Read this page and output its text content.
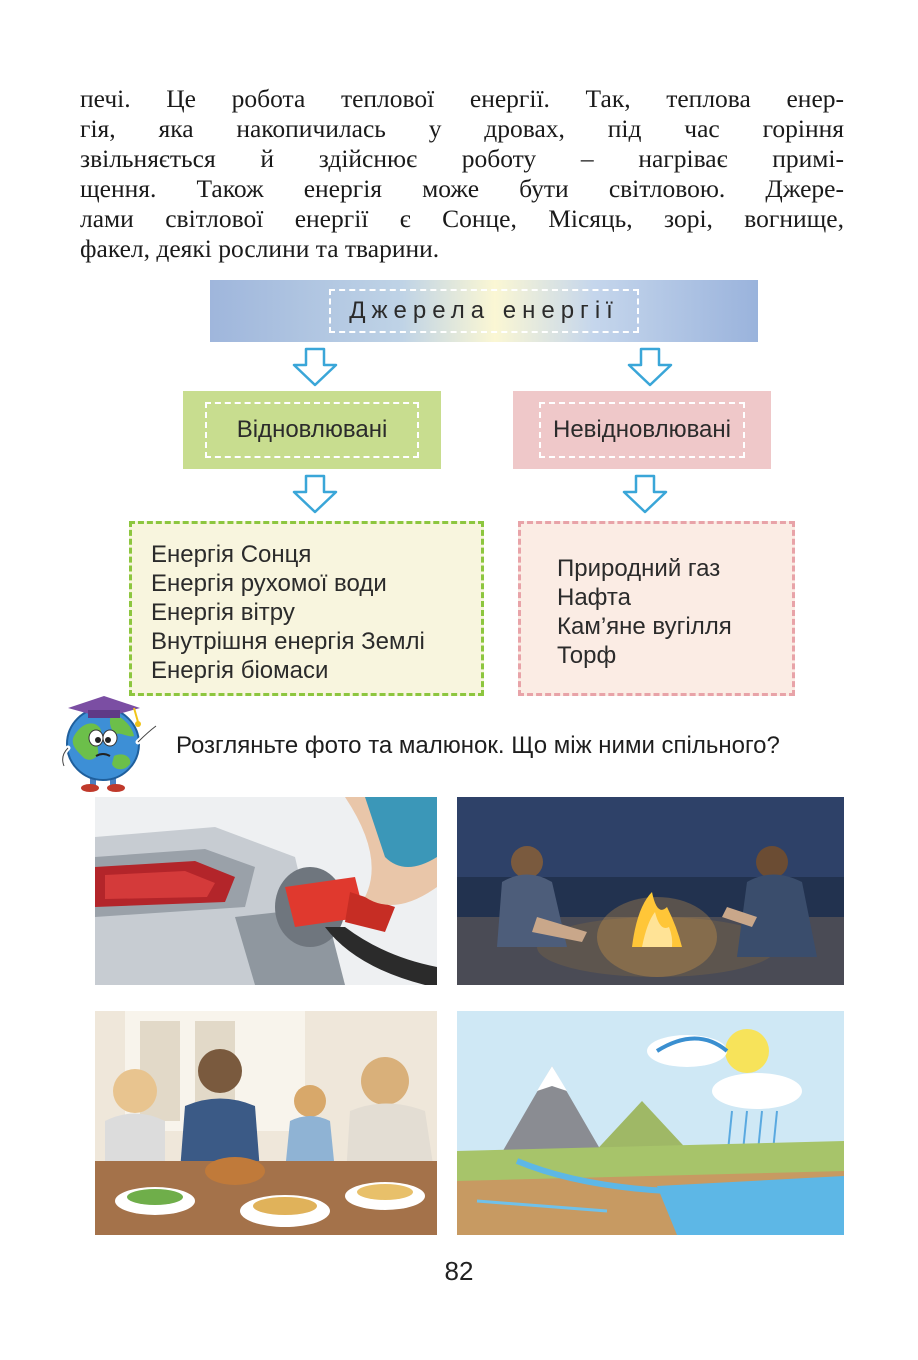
печі. Це робота теплової енергії. Так, теплова енер-
гія, яка накопичилась у дровах, під час горіння
звільняється й здійснює роботу – нагріває примі-
щення. Також енергія може бути світловою. Джере-
лами світлової енергії є Сонце, Місяць, зорі, вогнище,
факел, деякі рослини та тварини.
Джерела енергії
Відновлювані	Невідновлювані
Енергія Сонця
Енергія рухомої води
Енергія вітру
Внутрішня енергія Землі
Енергія біомаси
Природний газ
Нафта
Кам’яне вугілля
Торф
Розгляньте фото та малюнок. Що між ними спільного?
82
